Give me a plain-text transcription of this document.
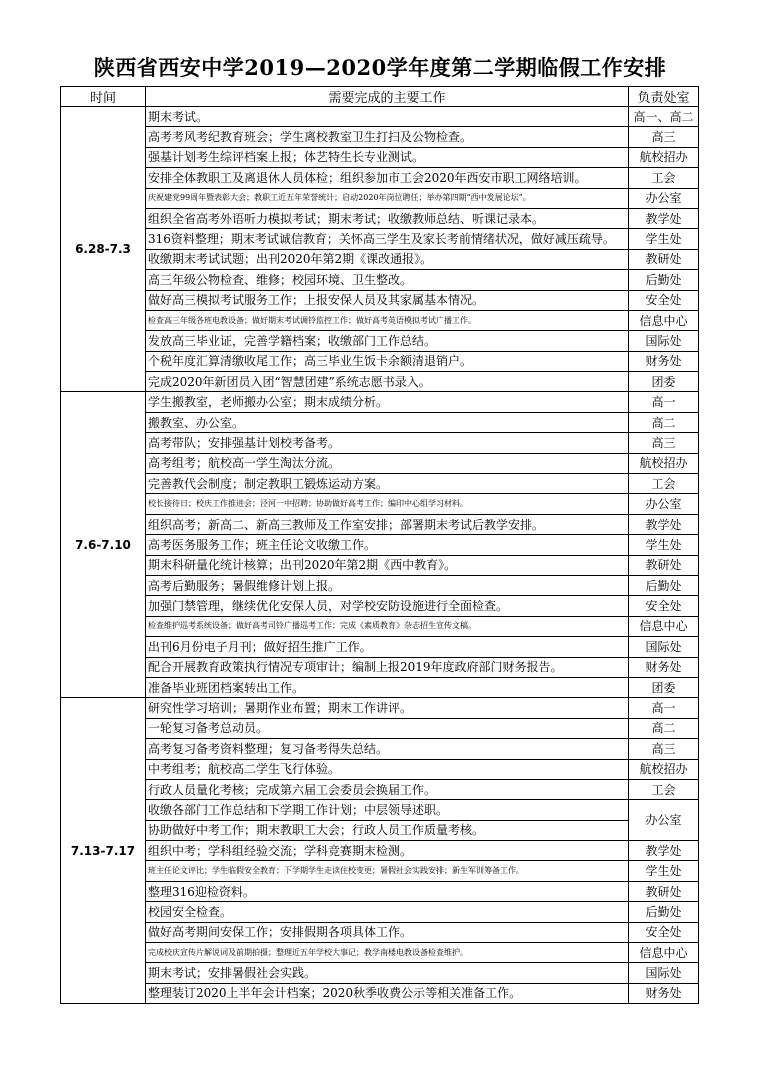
陕西省西安中学2019—2020学年度第二学期临假工作安排
时间	需要完成的主要工作	负责处室
6.28-7.3	期末考试。	高一、高二
	高考考风考纪教育班会；学生离校教室卫生打扫及公物检查。	高三
	强基计划考生综评档案上报；体艺特生长专业测试。	航校招办
	安排全体教职工及离退休人员体检；组织参加市工会2020年西安市职工网络培训。	工会
	庆祝建党99周年暨表彰大会；教职工近五年荣誉统计；启动2020年岗位聘任；举办第四期“西中发展论坛”。	办公室
	组织全省高考外语听力模拟考试；期末考试；收缴教师总结、听课记录本。	教学处
	316资料整理；期末考试诚信教育；关怀高三学生及家长考前情绪状况，做好减压疏导。	学生处
	收缴期末考试试题；出刊2020年第2期《课改通报》。	教研处
	高三年级公物检查、维修；校园环境、卫生整改。	后勤处
	做好高三模拟考试服务工作；上报安保人员及其家属基本情况。	安全处
	检查高三年级各班电教设备；做好期末考试调铃监控工作；做好高考英语模拟考试广播工作。	信息中心
	发放高三毕业证，完善学籍档案；收缴部门工作总结。	国际处
	个税年度汇算清缴收尾工作；高三毕业生饭卡余额清退销户。	财务处
	完成2020年新团员入团“智慧团建”系统志愿书录入。	团委
7.6-7.10	学生搬教室，老师搬办公室；期末成绩分析。	高一
	搬教室、办公室。	高二
	高考带队；安排强基计划校考备考。	高三
	高考组考；航校高一学生淘汰分流。	航校招办
	完善教代会制度；制定教职工锻炼运动方案。	工会
	校长接待日；校庆工作推进会；泾河一中招聘；协助做好高考工作；编印中心组学习材料。	办公室
	组织高考；新高二、新高三教师及工作室安排；部署期末考试后教学安排。	教学处
	高考医务服务工作；班主任论文收缴工作。	学生处
	期末科研量化统计核算；出刊2020年第2期《西中教育》。	教研处
	高考后勤服务；暑假维修计划上报。	后勤处
	加强门禁管理，继续优化安保人员，对学校安防设施进行全面检查。	安全处
	检查维护巡考系统设备；做好高考司铃广播巡考工作；完成《素质教育》杂志招生宣传文稿。	信息中心
	出刊6月份电子月刊；做好招生推广工作。	国际处
	配合开展教育政策执行情况专项审计；编制上报2019年度政府部门财务报告。	财务处
	准备毕业班团档案转出工作。	团委
7.13-7.17	研究性学习培训；暑期作业布置；期末工作讲评。	高一
	一轮复习备考总动员。	高二
	高考复习备考资料整理；复习备考得失总结。	高三
	中考组考；航校高二学生飞行体验。	航校招办
	行政人员量化考核；完成第六届工会委员会换届工作。	工会
	收缴各部门工作总结和下学期工作计划；中层领导述职。	办公室
	协助做好中考工作；期末教职工大会；行政人员工作质量考核。	
	组织中考；学科组经验交流；学科竞赛期末检测。	教学处
	班主任论文评比；学生临假安全教育；下学期学生走读住校变更；暑假社会实践安排；新生军训筹备工作。	学生处
	整理316迎检资料。	教研处
	校园安全检查。	后勤处
	做好高考期间安保工作；安排假期各项具体工作。	安全处
	完成校庆宣传片解说词及前期拍摄；整理近五年学校大事记；教学南楼电教设备检查维护。	信息中心
	期末考试；安排暑假社会实践。	国际处
	整理装订2020上半年会计档案；2020秋季收费公示等相关准备工作。	财务处
